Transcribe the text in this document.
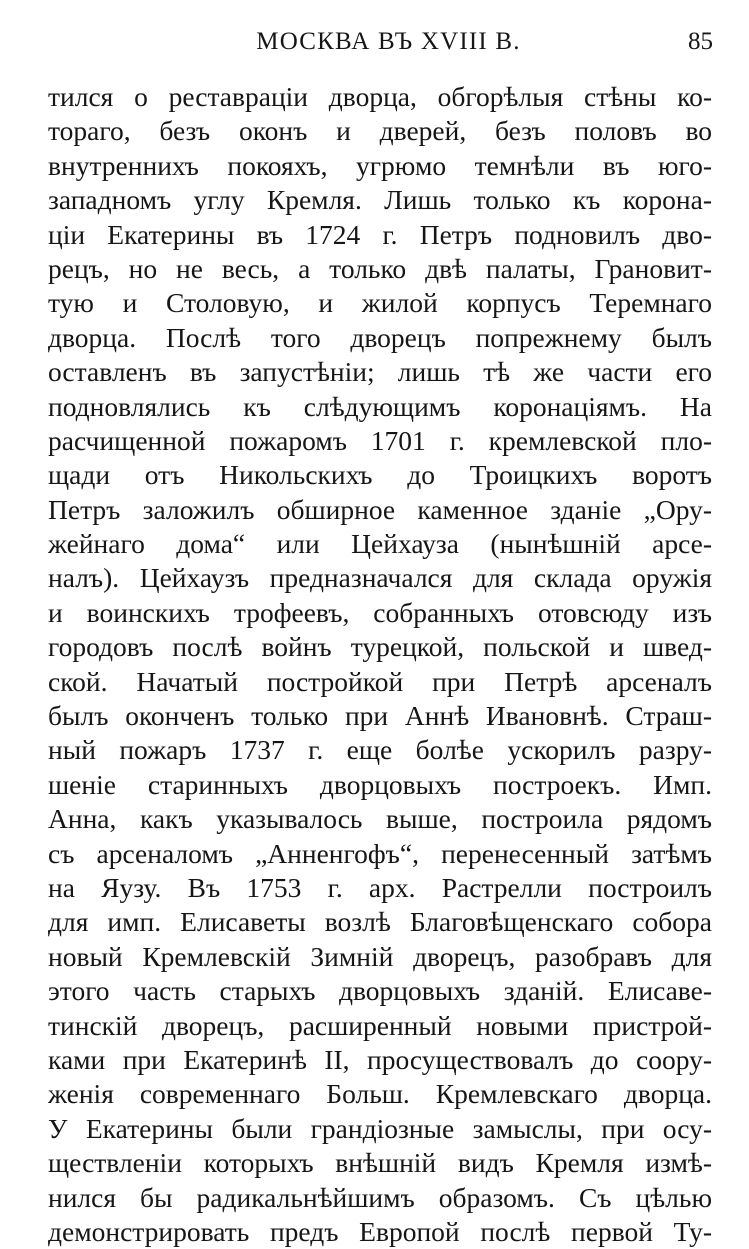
МОСКВА ВЪ XVIII В.	85
тился о реставраціи дворца, обгорѣлыя стѣны ко-
тораго, безъ оконъ и дверей, безъ половъ во
внутреннихъ покояхъ, угрюмо темнѣли въ юго-
западномъ углу Кремля. Лишь только къ корона-
ціи Екатерины въ 1724 г. Петръ подновилъ дво-
рецъ, но не весь, а только двѣ палаты, Грановит-
тую и Столовую, и жилой корпусъ Теремнаго
дворца. Послѣ того дворецъ попрежнему былъ
оставленъ въ запустѣніи; лишь тѣ же части его
подновлялись къ слѣдующимъ коронаціямъ. На
расчищенной пожаромъ 1701 г. кремлевской пло-
щади отъ Никольскихъ до Троицкихъ воротъ
Петръ заложилъ обширное каменное зданіе „Ору-
жейнаго дома“ или Цейхауза (нынѣшній арсе-
налъ). Цейхаузъ предназначался для склада оружія
и воинскихъ трофеевъ, собранныхъ отовсюду изъ
городовъ послѣ войнъ турецкой, польской и швед-
ской. Начатый постройкой при Петрѣ арсеналъ
былъ оконченъ только при Аннѣ Ивановнѣ. Страш-
ный пожаръ 1737 г. еще болѣе ускорилъ разру-
шеніе старинныхъ дворцовыхъ построекъ. Имп.
Анна, какъ указывалось выше, построила рядомъ
съ арсеналомъ „Анненгофъ“, перенесенный затѣмъ
на Яузу. Въ 1753 г. арх. Растрелли построилъ
для имп. Елисаветы возлѣ Благовѣщенскаго собора
новый Кремлевскій Зимній дворецъ, разобравъ для
этого часть старыхъ дворцовыхъ зданій. Елисаве-
тинскій дворецъ, расширенный новыми пристрой-
ками при Екатеринѣ II, просуществовалъ до соору-
женія современнаго Больш. Кремлевскаго дворца.
У Екатерины были грандіозные замыслы, при осу-
ществленіи которыхъ внѣшній видъ Кремля измѣ-
нился бы радикальнѣйшимъ образомъ. Съ цѣлью
демонстрировать предъ Европой послѣ первой Ту-
